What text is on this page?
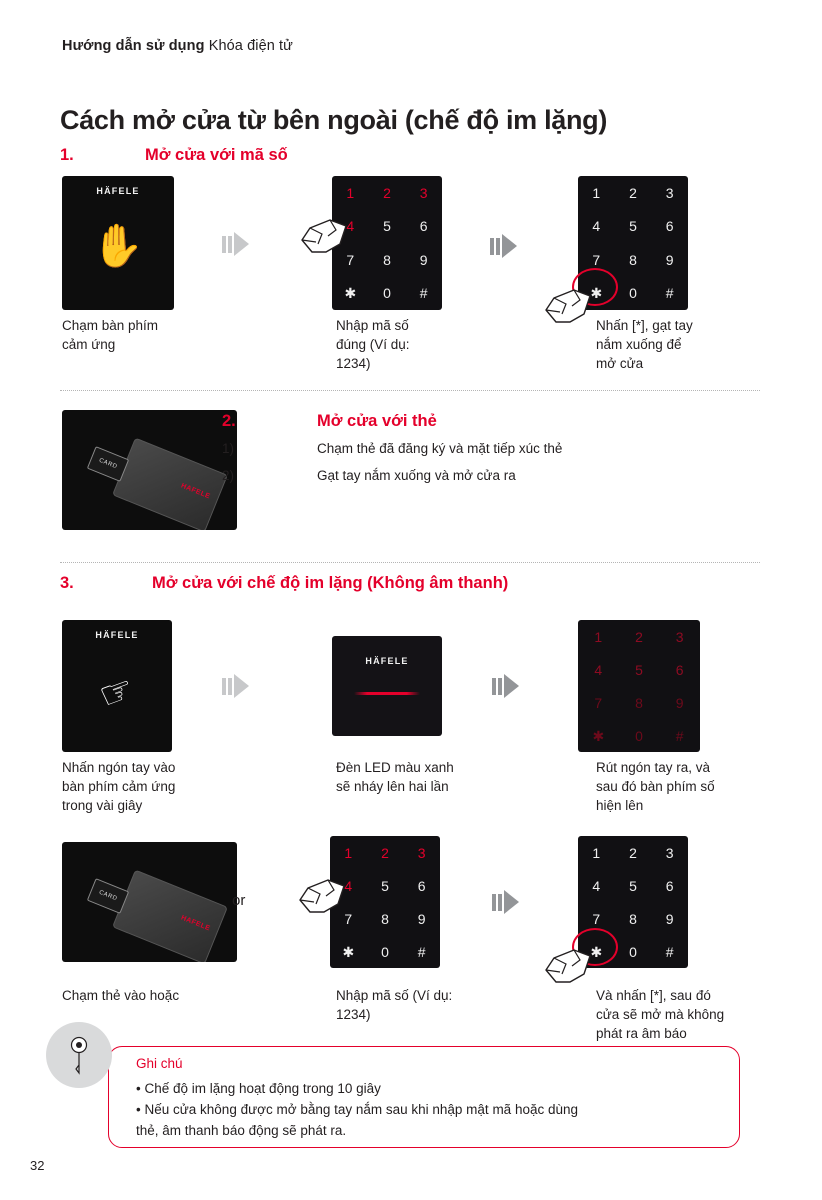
Hướng dẫn sử dụng Khóa điện tử
Cách mở cửa từ bên ngoài (chế độ im lặng)
1.	Mở cửa với mã số
HÄFELE
✋
Chạm bàn phím
cảm ứng
1 2 3
4 5 6
7 8 9
✱ 0 #
Nhập mã số
đúng (Ví dụ:
1234)
1 2 3
4 5 6
7 8 9
✱ 0 #
Nhấn [*], gạt tay
nắm xuống để
mở cửa
CARD
HAFELE
2.	Mở cửa với thẻ
1)	Chạm thẻ đã đăng ký và mặt tiếp xúc thẻ
2)	Gạt tay nắm xuống và mở cửa ra
3.	Mở cửa với chế độ im lặng (Không âm thanh)
HÄFELE
☞
Nhấn ngón tay vào
bàn phím cảm ứng
trong vài giây
HÄFELE
Đèn LED màu xanh
sẽ nháy lên hai lần
1 2 3
4 5 6
7 8 9
✱ 0 #
Rút ngón tay ra, và
sau đó bàn phím số
hiện lên
CARD
HAFELE
Chạm thẻ vào hoặc
or
1 2 3
4 5 6
7 8 9
✱ 0 #
Nhập mã số (Ví dụ:
1234)
1 2 3
4 5 6
7 8 9
✱ 0 #
Và nhấn [*], sau đó
cửa sẽ mở mà không
phát ra âm báo
Ghi chú
• Chế độ im lặng hoạt động trong 10 giây
• Nếu cửa không được mở bằng tay nắm sau khi nhập mật mã hoặc dùng
thẻ, âm thanh báo động sẽ phát ra.
32
